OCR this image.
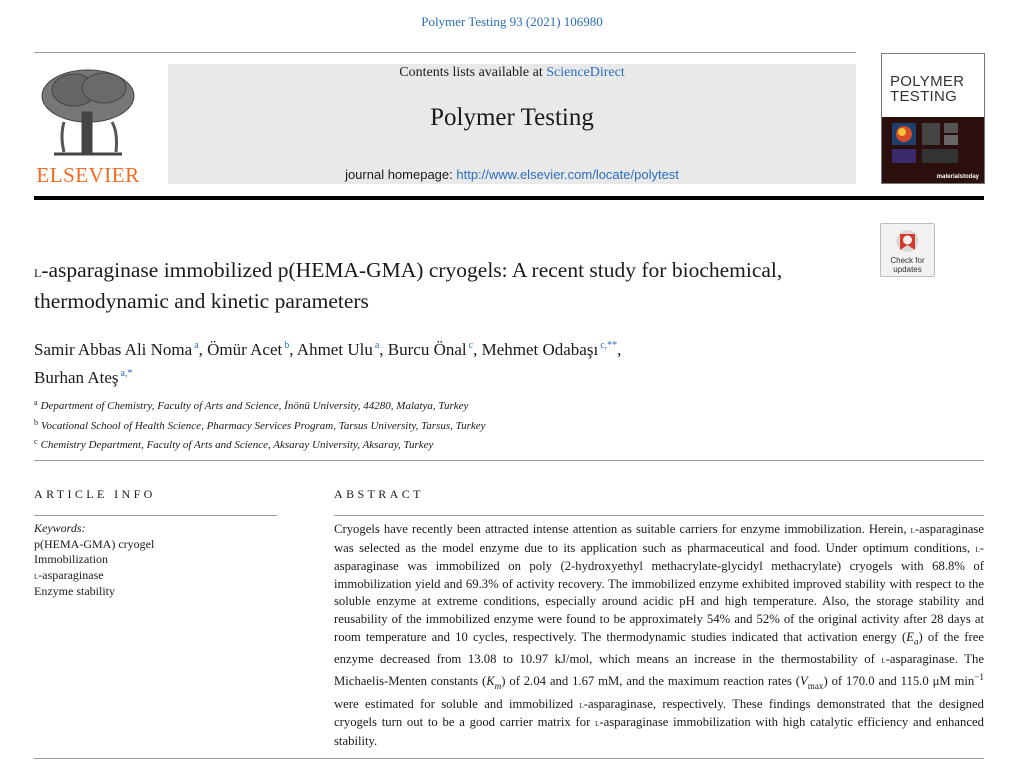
Polymer Testing 93 (2021) 106980
ELSEVIER
Contents lists available at ScienceDirect
Polymer Testing
journal homepage: http://www.elsevier.com/locate/polytest
POLYMER
TESTING
materialstoday
Check for
updates
l-asparaginase immobilized p(HEMA-GMA) cryogels: A recent study for biochemical, thermodynamic and kinetic parameters
Samir Abbas Ali Noma $^a$, Ömür Acet $^b$, Ahmet Ulu $^a$, Burcu Önal $^c$, Mehmet Odabaşı $^{c,**}$,
Burhan Ateş $^{a,*}$
$^a$ Department of Chemistry, Faculty of Arts and Science, İnönü University, 44280, Malatya, Turkey
$^b$ Vocational School of Health Science, Pharmacy Services Program, Tarsus University, Tarsus, Turkey
$^c$ Chemistry Department, Faculty of Arts and Science, Aksaray University, Aksaray, Turkey
ARTICLE INFO	ABSTRACT
Keywords:
p(HEMA-GMA) cryogel
Immobilization
l-asparaginase
Enzyme stability
Cryogels have recently been attracted intense attention as suitable carriers for enzyme immobilization. Herein, l-asparaginase was selected as the model enzyme due to its application such as pharmaceutical and food. Under optimum conditions, l-asparaginase was immobilized on poly (2-hydroxyethyl methacrylate-glycidyl methacrylate) cryogels with 68.8% of immobilization yield and 69.3% of activity recovery. The immobilized enzyme exhibited improved stability with respect to the soluble enzyme at extreme conditions, especially around acidic pH and high temperature. Also, the storage stability and reusability of the immobilized enzyme were found to be approximately 54% and 52% of the original activity after 28 days at room temperature and 10 cycles, respectively. The thermodynamic studies indicated that activation energy $(E_a)$ of the free enzyme decreased from 13.08 to 10.97 kJ/mol, which means an increase in the thermostability of l-asparaginase. The Michaelis-Menten constants $(K_m)$ of 2.04 and 1.67 mM, and the maximum reaction rates $(V_{max})$ of 170.0 and 115.0 μM $\min^{-1}$ were estimated for soluble and immobilized l-asparaginase, respectively. These findings demonstrated that the designed cryogels turn out to be a good carrier matrix for l-asparaginase immobilization with high catalytic efficiency and enhanced stability.
